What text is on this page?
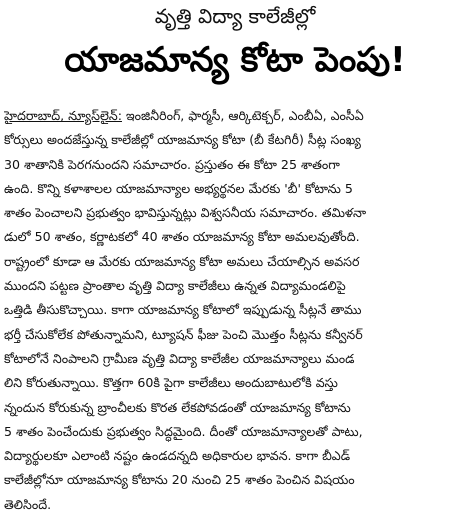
వృత్తి విద్యా కాలేజీల్లో
యాజమాన్య కోటా పెంపు!
హైదరాబాద్, న్యూస్‌లైన్: ఇంజినీరింగ్, ఫార్మసీ, ఆర్కిటెక్చర్, ఎంబీఏ, ఎంసీఏ
కోర్సులు అందజేస్తున్న కాలేజీల్లో యాజమాన్య కోటా (బీ కేటగిరీ) సీట్ల సంఖ్య
30 శాతానికి పెరగనుందని సమాచారం. ప్రస్తుతం ఈ కోటా 25 శాతంగా
ఉంది. కొన్ని కళాశాలల యాజమాన్యాల అభ్యర్థనల మేరకు 'బీ' కోటాను 5
శాతం పెంచాలని ప్రభుత్వం భావిస్తున్నట్లు విశ్వసనీయ సమాచారం. తమిళనా
డులో 50 శాతం, కర్ణాటకలో 40 శాతం యాజమాన్య కోటా అమలవుతోంది.
రాష్ట్రంలో కూడా ఆ మేరకు యాజమాన్య కోటా అమలు చేయాల్సిన అవసర
ముందని పట్టణ ప్రాంతాల వృత్తి విద్యా కాలేజీలు ఉన్నత విద్యామండలిపై
ఒత్తిడి తీసుకొచ్చాయి. కాగా యాజమాన్య కోటాలో ఇప్పుడున్న సీట్లనే తాము
భర్తీ చేసుకోలేక పోతున్నామని, ట్యూషన్ ఫీజు పెంచి మొత్తం సీట్లను కన్వీనర్
కోటాలోనే నింపాలని గ్రామీణ వృత్తి విద్యా కాలేజీల యాజమాన్యాలు మండ
లిని కోరుతున్నాయి. కొత్తగా 60కి పైగా కాలేజీలు అందుబాటులోకి వస్తు
న్నందున కోరుకున్న బ్రాంచీలకు కొరత లేకపోవడంతో యాజమాన్య కోటాను
5 శాతం పెంచేందుకు ప్రభుత్వం సిద్ధమైంది. దీంతో యాజమాన్యాలతో పాటు,
విద్యార్థులకూ ఎలాంటి నష్టం ఉండదన్నది అధికారుల భావన. కాగా బీఎడ్
కాలేజీల్లోనూ యాజమాన్య కోటాను 20 నుంచి 25 శాతం పెంచిన విషయం
తెలిసిందే.
